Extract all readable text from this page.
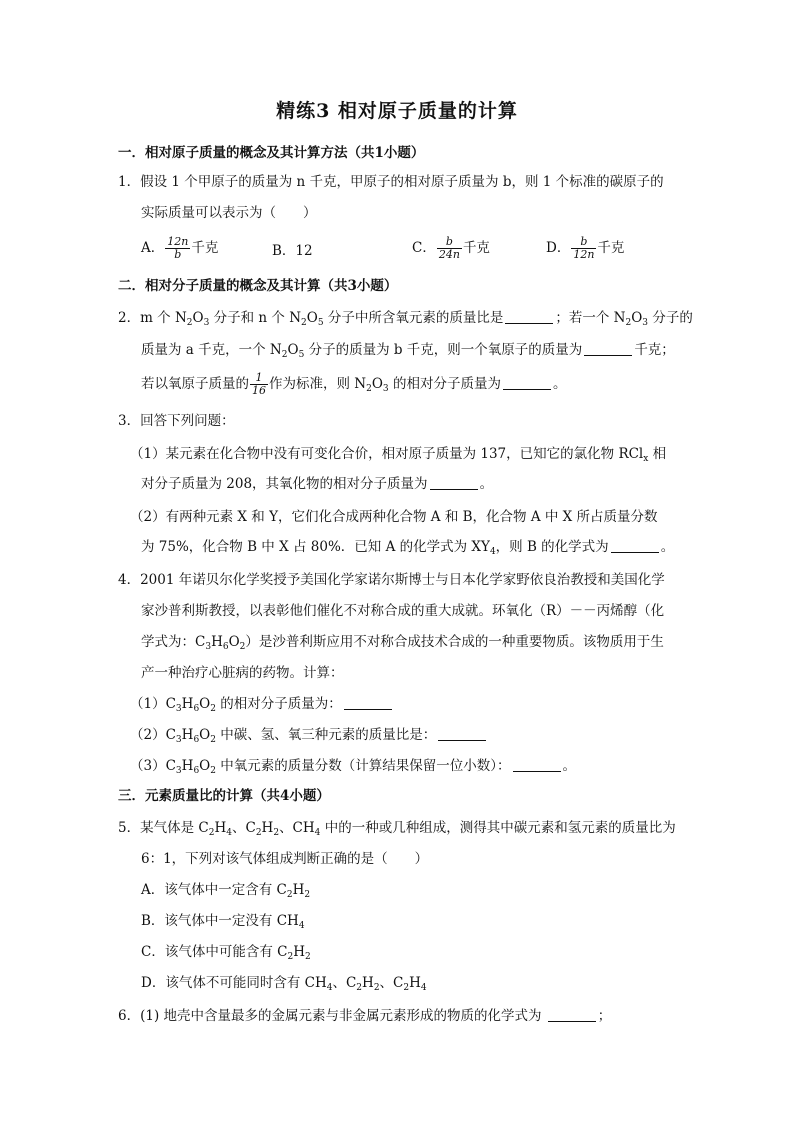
精练3 相对原子质量的计算
一．相对原子质量的概念及其计算方法（共1小题）
1．假设 1 个甲原子的质量为 n 千克，甲原子的相对原子质量为 b，则 1 个标准的碳原子的
实际质量可以表示为（　　）
A． $\frac{12n}{b}$ 千克	B．12	C． $\frac{b}{24n}$ 千克	D． $\frac{b}{12n}$ 千克
二．相对分子质量的概念及其计算（共3小题）
2．m 个 $N_2O_3$ 分子和 n 个 $N_2O_5$ 分子中所含氧元素的质量比是	；若一个 $N_2O_3$ 分子的
质量为 a 千克，一个 $N_2O_5$ 分子的质量为 b 千克，则一个氧原子的质量为	千克；
若以氧原子质量的 $\frac{1}{16}$ 作为标准，则 $N_2O_3$ 的相对分子质量为	。
3．回答下列问题：
（1）某元素在化合物中没有可变化合价，相对原子质量为 137，已知它的氯化物 RCl$_x$ 相
对分子质量为 208，其氧化物的相对分子质量为	。
（2）有两种元素 X 和 Y，它们化合成两种化合物 A 和 B，化合物 A 中 X 所占质量分数
为 75%，化合物 B 中 X 占 80%．已知 A 的化学式为 $XY_4$，则 B 的化学式为	。
4．2001 年诺贝尔化学奖授予美国化学家诺尔斯博士与日本化学家野依良治教授和美国化学
家沙普利斯教授，以表彰他们催化不对称合成的重大成就。环氧化（R）－－丙烯醇（化
学式为：$C_3H_6O_2$）是沙普利斯应用不对称合成技术合成的一种重要物质。该物质用于生
产一种治疗心脏病的药物。计算：
$(1)C_3H_6O_2$ 的相对分子质量为：
$(2)C_3H_6O_2$ 中碳、氢、氧三种元素的质量比是：
$(3)C_3H_6O_2$ 中氧元素的质量分数（计算结果保留一位小数）：	。
三．元素质量比的计算（共4小题）
5．某气体是 $C_2H_4$、$C_2H_2$、$CH_4$ 中的一种或几种组成，测得其中碳元素和氢元素的质量比为
6：1，下列对该气体组成判断正确的是（　　）
A．该气体中一定含有 $C_2H_2$
B．该气体中一定没有 $CH_4$
C．该气体中可能含有 $C_2H_2$
D．该气体不可能同时含有 $CH_4$、$C_2H_2$、$C_2H_4$
6．(1) 地壳中含量最多的金属元素与非金属元素形成的物质的化学式为	；
